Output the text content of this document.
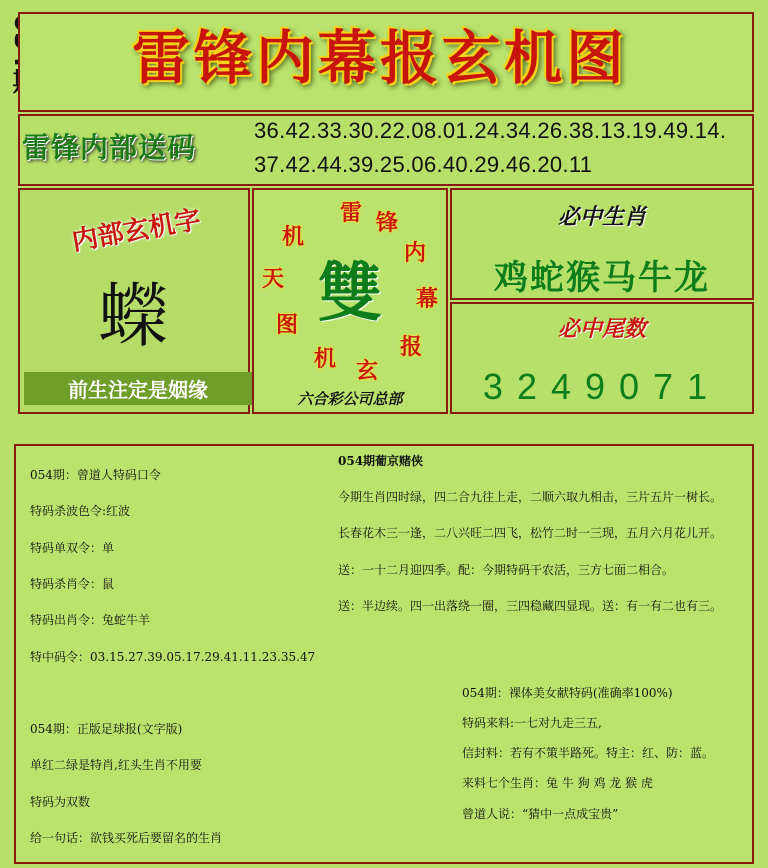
雷锋内幕报玄机图
雷锋内部送码
36.42.33.30.22.08.01.24.34.26.38.13.19.49.14.
37.42.44.39.25.06.40.29.46.20.11
内部玄机字
蠑
前生注定是姻缘
雷 锋
内
幕
报
玄
机
图
天
机
雙
六合彩公司总部
必中生肖
鸡蛇猴马牛龙
必中尾数
3249071
054期：曾道人特码口令
特码杀波色令:红波
特码单双令：单
特码杀肖令：鼠
特码出肖令：兔蛇牛羊
特中码令：03.15.27.39.05.17.29.41.11.23.35.47
054期葡京赌侠
今期生肖四时绿，四二合九往上走，二顺六取九相击，三片五片一树长。
长春花木三一逢，二八兴旺二四飞，松竹二时一三现，五月六月花儿开。
送：一十二月迎四季。配：今期特码干农活，三方七面二相合。
送：半边续。四一出落绕一圈，三四稳藏四显现。送：有一有二也有三。
054期：正版足球报(文字版)
单红二绿是特肖,红头生肖不用要
特码为双数
给一句话：欲钱买死后要留名的生肖
054期：裸体美女献特码(准确率100%)
特码来料:一七对九走三五,
信封料：若有不策半路死。特主：红、防：蓝。
来料七个生肖：兔 牛 狗 鸡 龙 猴 虎
曾道人说：“猜中一点成宝贵”
